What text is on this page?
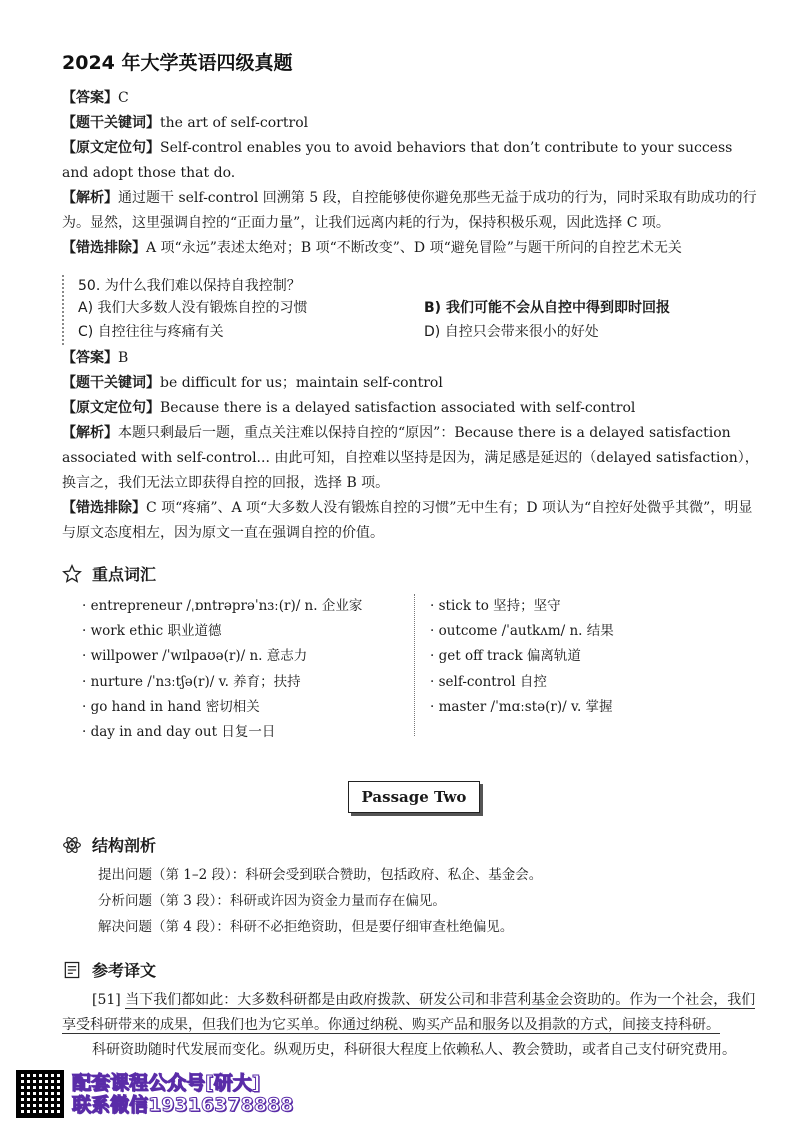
2024 年大学英语四级真题
【答案】C
【题干关键词】the art of self-cortrol
【原文定位句】Self-control enables you to avoid behaviors that don’t contribute to your success and adopt those that do.
【解析】通过题干 self-control 回溯第 5 段，自控能够使你避免那些无益于成功的行为，同时采取有助成功的行为。显然，这里强调自控的“正面力量”，让我们远离内耗的行为，保持积极乐观，因此选择 C 项。
【错选排除】A 项“永远”表述太绝对；B 项“不断改变”、D 项“避免冒险”与题干所问的自控艺术无关
50. 为什么我们难以保持自我控制？
A) 我们大多数人没有锻炼自控的习惯	B) 我们可能不会从自控中得到即时回报
C) 自控往往与疼痛有关	D) 自控只会带来很小的好处
【答案】B
【题干关键词】be difficult for us；maintain self-control
【原文定位句】Because there is a delayed satisfaction associated with self-control
【解析】本题只剩最后一题，重点关注难以保持自控的“原因”：Because there is a delayed satisfaction associated with self-control... 由此可知，自控难以坚持是因为，满足感是延迟的（delayed satisfaction），换言之，我们无法立即获得自控的回报，选择 B 项。
【错选排除】C 项“疼痛”、A 项“大多数人没有锻炼自控的习惯”无中生有；D 项认为“自控好处微乎其微”，明显与原文态度相左，因为原文一直在强调自控的价值。
重点词汇
· entrepreneur /ˌɒntrəprəˈnɜː(r)/ n. 企业家
· work ethic 职业道德
· willpower /ˈwɪlpaʊə(r)/ n. 意志力
· nurture /ˈnɜːtʃə(r)/ v. 养育；扶持
· go hand in hand 密切相关
· day in and day out 日复一日
· stick to 坚持；坚守
· outcome /ˈautkʌm/ n. 结果
· get off track 偏离轨道
· self-control 自控
· master /ˈmɑːstə(r)/ v. 掌握
Passage Two
结构剖析
提出问题（第 1–2 段）：科研会受到联合赞助，包括政府、私企、基金会。
分析问题（第 3 段）：科研或许因为资金力量而存在偏见。
解决问题（第 4 段）：科研不必拒绝资助，但是要仔细审查杜绝偏见。
参考译文
[51] 当下我们都如此：大多数科研都是由政府拨款、研发公司和非营利基金会资助的。作为一个社会，我们享受科研带来的成果，但我们也为它买单。你通过纳税、购买产品和服务以及捐款的方式，间接支持科研。
科研资助随时代发展而变化。纵观历史，科研很大程度上依赖私人、教会赞助，或者自己支付研究费用。
配套课程公众号[研大]
联系微信19316378888
